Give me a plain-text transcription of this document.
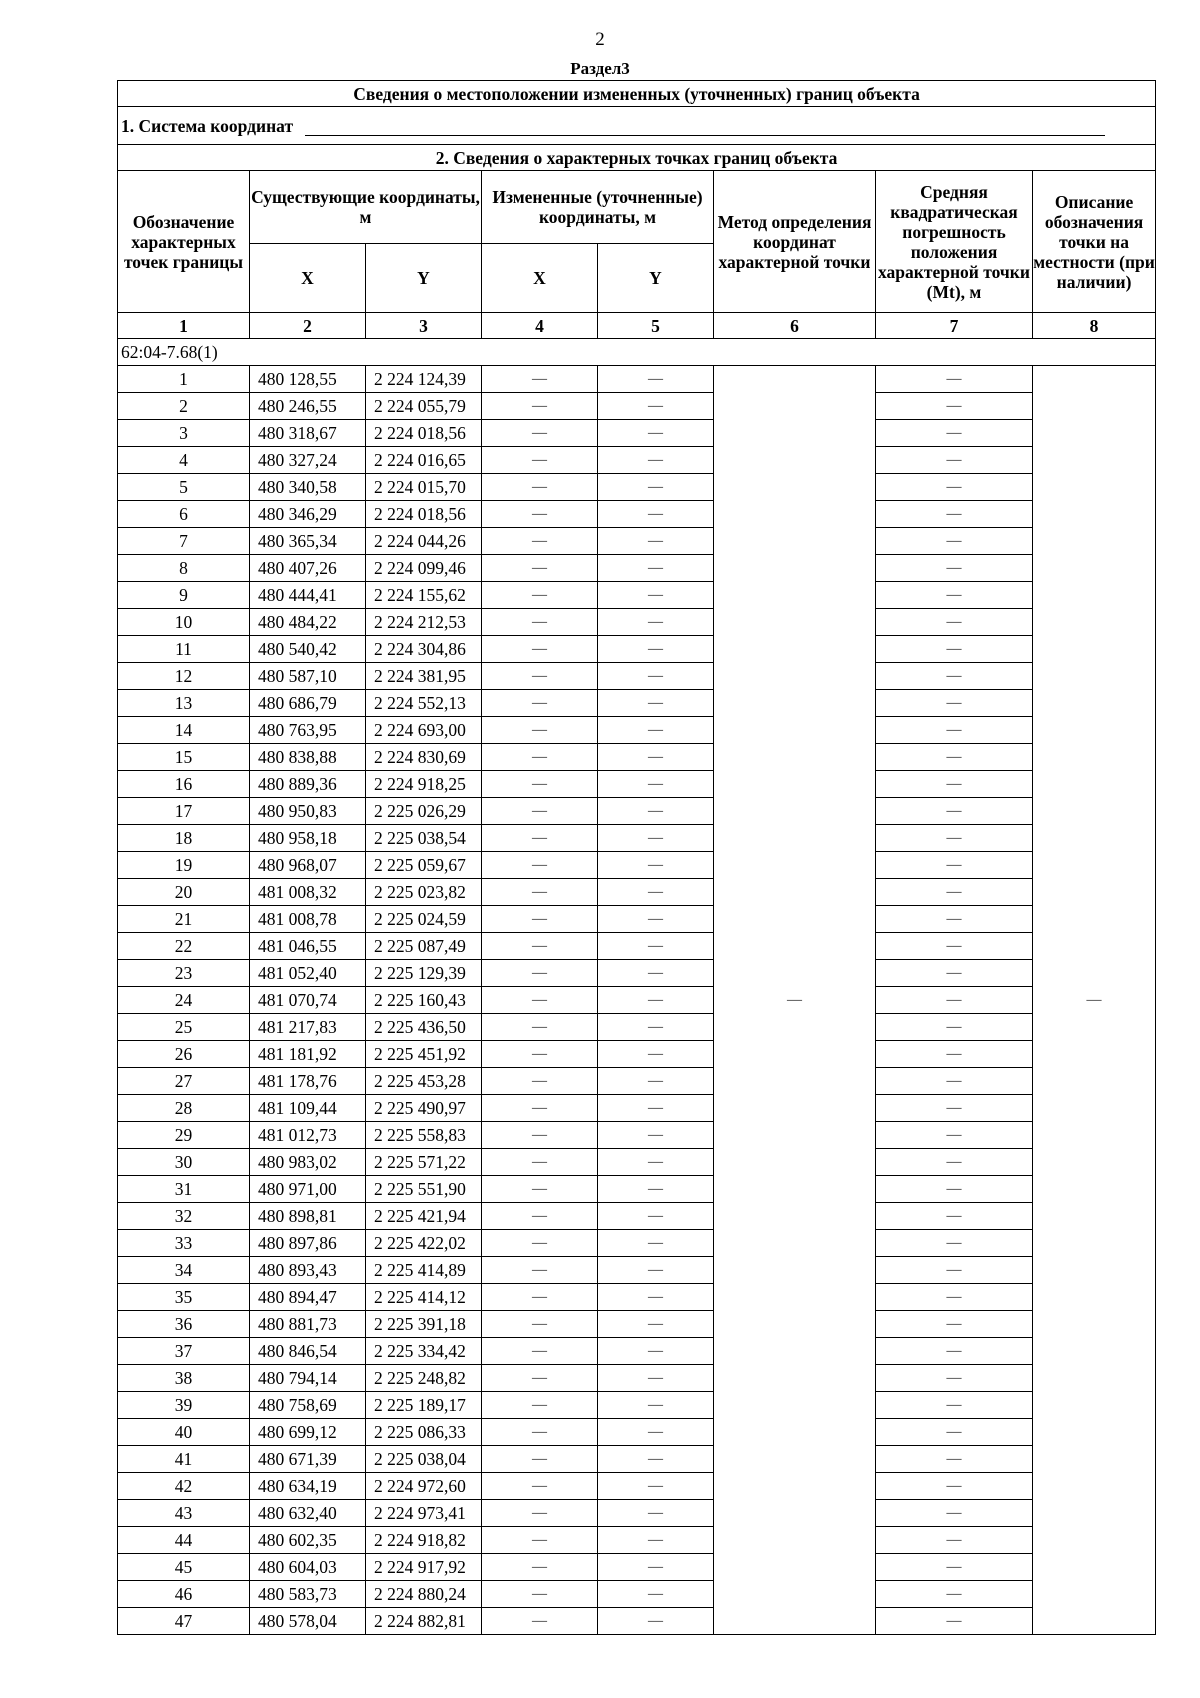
2
Раздел3
Сведения о местоположении измененных (уточненных) границ объекта							
1. Система координат							
2. Сведения о характерных точках границ объекта							
Обозначение характерных точек границы	Существующие координаты, м		Измененные (уточненные) координаты, м		Метод определения координат характерной точки	Средняя квадратическая погрешность положения характерной точки (Mt), м	Описание обозначения точки на местности (при наличии)
	X	Y	X	Y			
1	2	3	4	5	6	7	8
62:04-7.68(1)							
1	480 128,55	2 224 124,39	—	—	—	—	—
2	480 246,55	2 224 055,79	—	—		—	
3	480 318,67	2 224 018,56	—	—		—	
4	480 327,24	2 224 016,65	—	—		—	
5	480 340,58	2 224 015,70	—	—		—	
6	480 346,29	2 224 018,56	—	—		—	
7	480 365,34	2 224 044,26	—	—		—	
8	480 407,26	2 224 099,46	—	—		—	
9	480 444,41	2 224 155,62	—	—		—	
10	480 484,22	2 224 212,53	—	—		—	
11	480 540,42	2 224 304,86	—	—		—	
12	480 587,10	2 224 381,95	—	—		—	
13	480 686,79	2 224 552,13	—	—		—	
14	480 763,95	2 224 693,00	—	—		—	
15	480 838,88	2 224 830,69	—	—		—	
16	480 889,36	2 224 918,25	—	—		—	
17	480 950,83	2 225 026,29	—	—		—	
18	480 958,18	2 225 038,54	—	—		—	
19	480 968,07	2 225 059,67	—	—		—	
20	481 008,32	2 225 023,82	—	—		—	
21	481 008,78	2 225 024,59	—	—		—	
22	481 046,55	2 225 087,49	—	—		—	
23	481 052,40	2 225 129,39	—	—		—	
24	481 070,74	2 225 160,43	—	—		—	
25	481 217,83	2 225 436,50	—	—		—	
26	481 181,92	2 225 451,92	—	—		—	
27	481 178,76	2 225 453,28	—	—		—	
28	481 109,44	2 225 490,97	—	—		—	
29	481 012,73	2 225 558,83	—	—		—	
30	480 983,02	2 225 571,22	—	—		—	
31	480 971,00	2 225 551,90	—	—		—	
32	480 898,81	2 225 421,94	—	—		—	
33	480 897,86	2 225 422,02	—	—		—	
34	480 893,43	2 225 414,89	—	—		—	
35	480 894,47	2 225 414,12	—	—		—	
36	480 881,73	2 225 391,18	—	—		—	
37	480 846,54	2 225 334,42	—	—		—	
38	480 794,14	2 225 248,82	—	—		—	
39	480 758,69	2 225 189,17	—	—		—	
40	480 699,12	2 225 086,33	—	—		—	
41	480 671,39	2 225 038,04	—	—		—	
42	480 634,19	2 224 972,60	—	—		—	
43	480 632,40	2 224 973,41	—	—		—	
44	480 602,35	2 224 918,82	—	—		—	
45	480 604,03	2 224 917,92	—	—		—	
46	480 583,73	2 224 880,24	—	—		—	
47	480 578,04	2 224 882,81	—	—		—	
